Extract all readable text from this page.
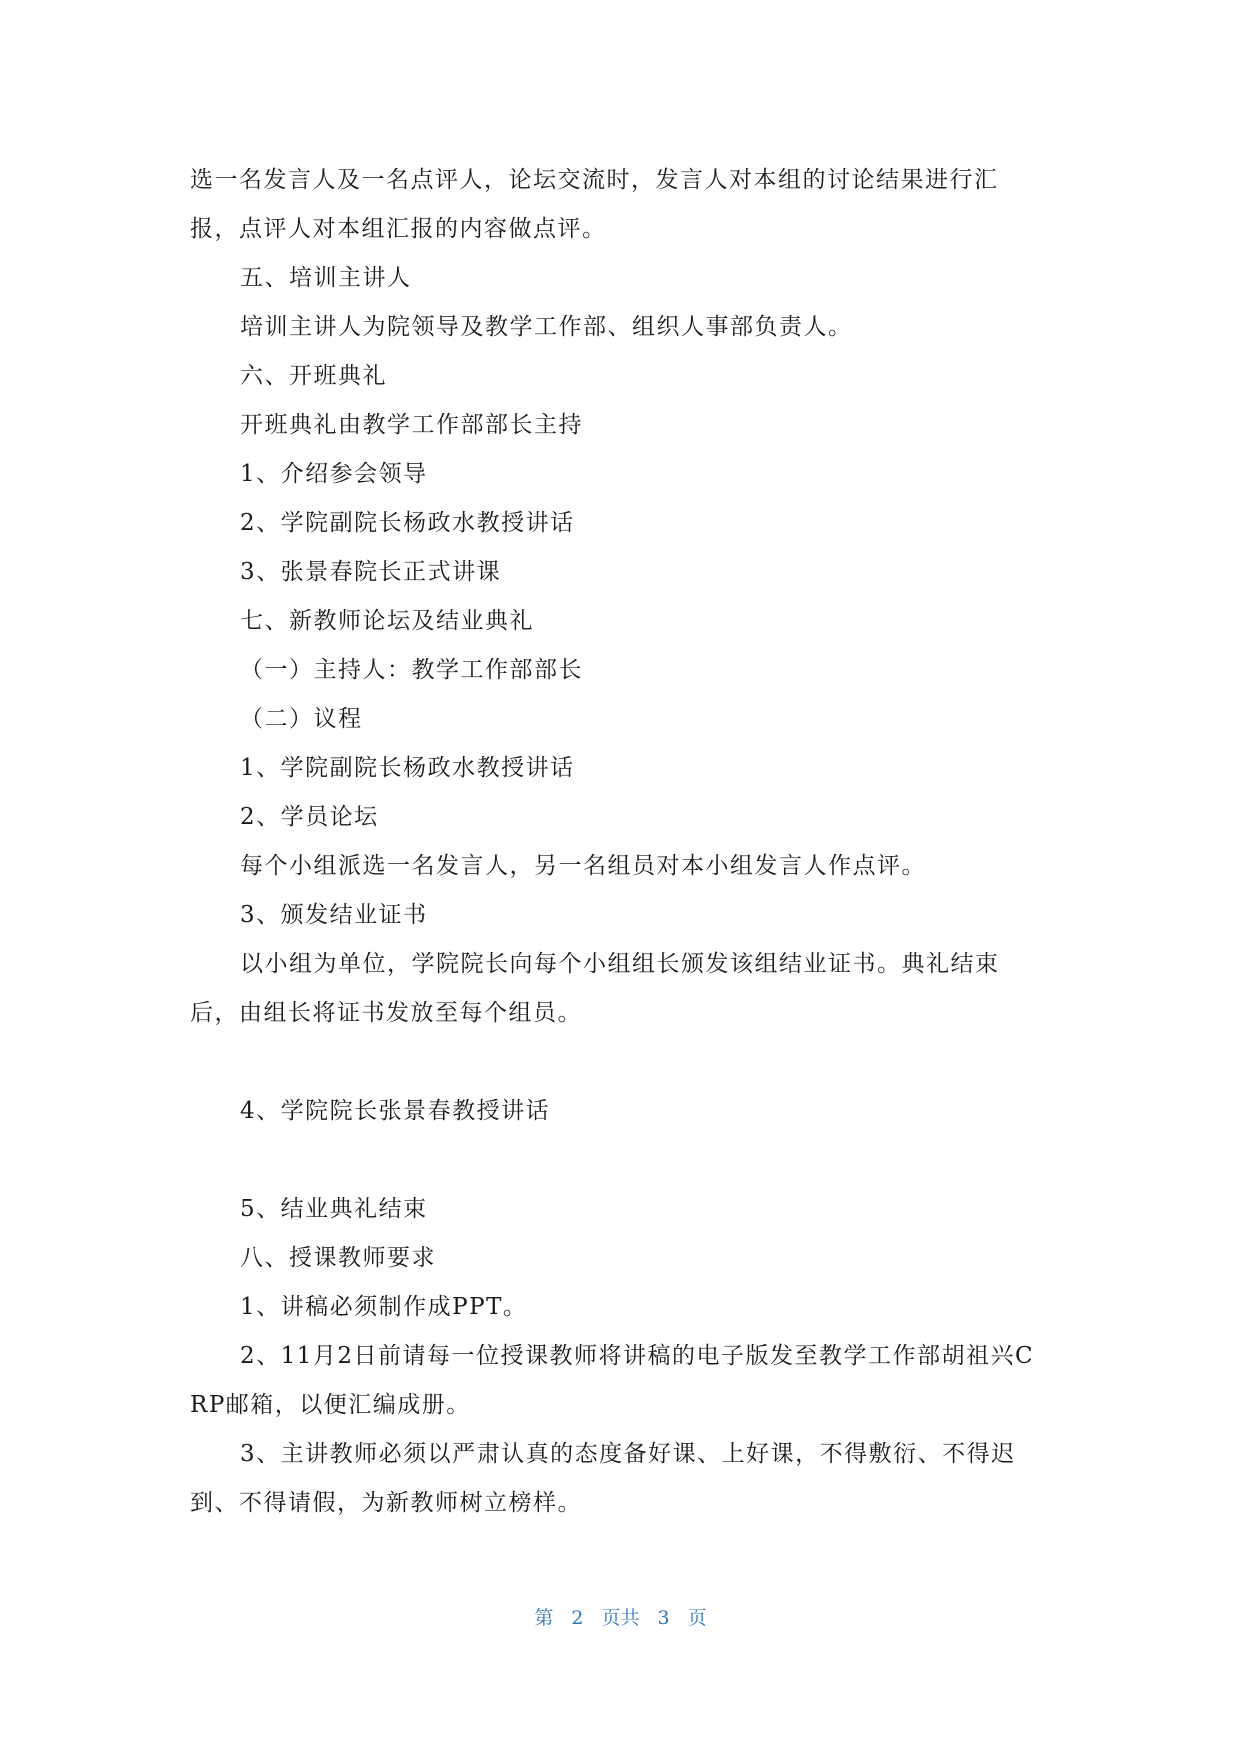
选一名发言人及一名点评人，论坛交流时，发言人对本组的讨论结果进行汇报，点评人对本组汇报的内容做点评。

五、培训主讲人

培训主讲人为院领导及教学工作部、组织人事部负责人。

六、开班典礼

开班典礼由教学工作部部长主持

1、介绍参会领导

2、学院副院长杨政水教授讲话

3、张景春院长正式讲课

七、新教师论坛及结业典礼

（一）主持人：教学工作部部长

（二）议程

1、学院副院长杨政水教授讲话

2、学员论坛

每个小组派选一名发言人，另一名组员对本小组发言人作点评。

3、颁发结业证书

以小组为单位，学院院长向每个小组组长颁发该组结业证书。典礼结束后，由组长将证书发放至每个组员。

4、学院院长张景春教授讲话

5、结业典礼结束

八、授课教师要求

1、讲稿必须制作成PPT。

2、11月2日前请每一位授课教师将讲稿的电子版发至教学工作部胡祖兴CRP邮箱，以便汇编成册。

3、主讲教师必须以严肃认真的态度备好课、上好课，不得敷衍、不得迟到、不得请假，为新教师树立榜样。

第 2 页共 3 页
